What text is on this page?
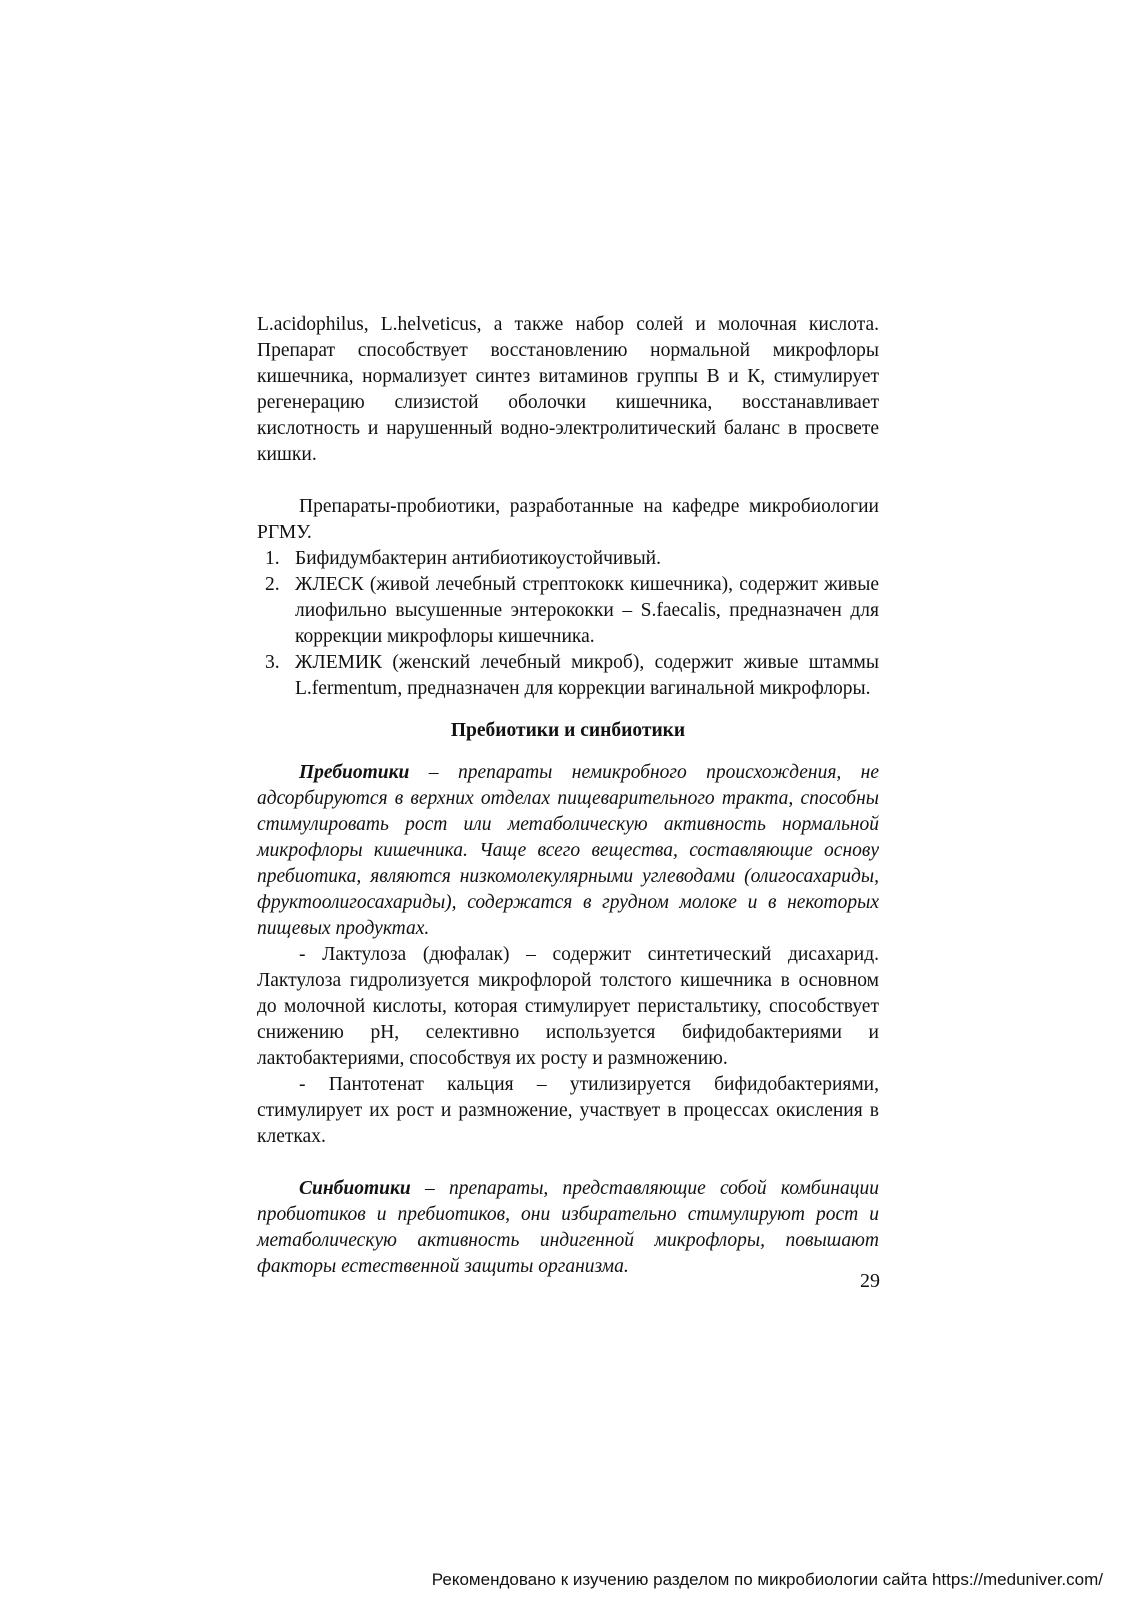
L.acidophilus, L.helveticus, а также набор солей и молочная кислота. Препарат способствует восстановлению нормальной микрофлоры кишечника, нормализует синтез витаминов группы В и К, стимулирует регенерацию слизистой оболочки кишечника, восстанавливает кислотность и нарушенный водно-электролитический баланс в просвете кишки.

Препараты-пробиотики, разработанные на кафедре микробиологии РГМУ.

1. Бифидумбактерин антибиотикоустойчивый.
2. ЖЛЕСК (живой лечебный стрептококк кишечника), содержит живые лиофильно высушенные энтерококки – S.faecalis, предназначен для коррекции микрофлоры кишечника.
3. ЖЛЕМИК (женский лечебный микроб), содержит живые штаммы L.fermentum, предназначен для коррекции вагинальной микрофлоры.

Пребиотики и синбиотики

Пребиотики – препараты немикробного происхождения, не адсорбируются в верхних отделах пищеварительного тракта, способны стимулировать рост или метаболическую активность нормальной микрофлоры кишечника. Чаще всего вещества, составляющие основу пребиотика, являются низкомолекулярными углеводами (олигосахариды, фруктоолигосахариды), содержатся в грудном молоке и в некоторых пищевых продуктах.

- Лактулоза (дюфалак) – содержит синтетический дисахарид. Лактулоза гидролизуется микрофлорой толстого кишечника в основном до молочной кислоты, которая стимулирует перистальтику, способствует снижению pH, селективно используется бифидобактериями и лактобактериями, способствуя их росту и размножению.

- Пантотенат кальция – утилизируется бифидобактериями, стимулирует их рост и размножение, участвует в процессах окисления в клетках.

Синбиотики – препараты, представляющие собой комбинации пробиотиков и пребиотиков, они избирательно стимулируют рост и метаболическую активность индигенной микрофлоры, повышают факторы естественной защиты организма.

29
Рекомендовано к изучению разделом по микробиологии сайта https://meduniver.com/
